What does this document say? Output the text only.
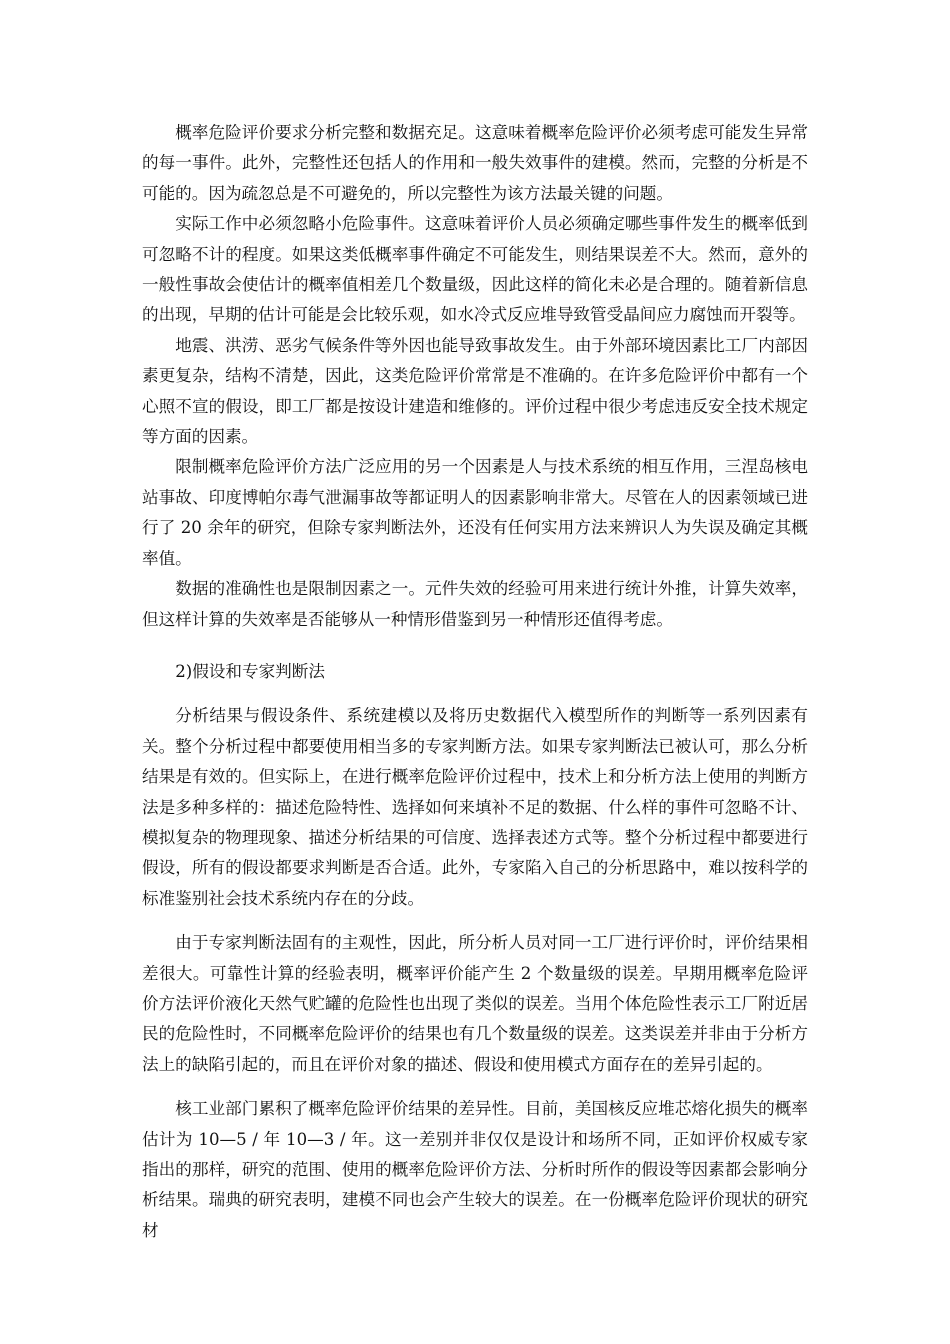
概率危险评价要求分析完整和数据充足。这意味着概率危险评价必须考虑可能发生异常的每一事件。此外，完整性还包括人的作用和一般失效事件的建模。然而，完整的分析是不可能的。因为疏忽总是不可避免的，所以完整性为该方法最关键的问题。

实际工作中必须忽略小危险事件。这意味着评价人员必须确定哪些事件发生的概率低到可忽略不计的程度。如果这类低概率事件确定不可能发生，则结果误差不大。然而，意外的一般性事故会使估计的概率值相差几个数量级，因此这样的简化未必是合理的。随着新信息的出现，早期的估计可能是会比较乐观，如水冷式反应堆导致管受晶间应力腐蚀而开裂等。

地震、洪涝、恶劣气候条件等外因也能导致事故发生。由于外部环境因素比工厂内部因素更复杂，结构不清楚，因此，这类危险评价常常是不准确的。在许多危险评价中都有一个心照不宣的假设，即工厂都是按设计建造和维修的。评价过程中很少考虑违反安全技术规定等方面的因素。

限制概率危险评价方法广泛应用的另一个因素是人与技术系统的相互作用，三涅岛核电站事故、印度博帕尔毒气泄漏事故等都证明人的因素影响非常大。尽管在人的因素领域已进行了 20 余年的研究，但除专家判断法外，还没有任何实用方法来辨识人为失误及确定其概率值。

数据的准确性也是限制因素之一。元件失效的经验可用来进行统计外推，计算失效率，但这样计算的失效率是否能够从一种情形借鉴到另一种情形还值得考虑。

2)假设和专家判断法

分析结果与假设条件、系统建模以及将历史数据代入模型所作的判断等一系列因素有关。整个分析过程中都要使用相当多的专家判断方法。如果专家判断法已被认可，那么分析结果是有效的。但实际上，在进行概率危险评价过程中，技术上和分析方法上使用的判断方法是多种多样的：描述危险特性、选择如何来填补不足的数据、什么样的事件可忽略不计、模拟复杂的物理现象、描述分析结果的可信度、选择表述方式等。整个分析过程中都要进行假设，所有的假设都要求判断是否合适。此外，专家陷入自己的分析思路中，难以按科学的标准鉴别社会技术系统内存在的分歧。

由于专家判断法固有的主观性，因此，所分析人员对同一工厂进行评价时，评价结果相差很大。可靠性计算的经验表明，概率评价能产生 2 个数量级的误差。早期用概率危险评价方法评价液化天然气贮罐的危险性也出现了类似的误差。当用个体危险性表示工厂附近居民的危险性时，不同概率危险评价的结果也有几个数量级的误差。这类误差并非由于分析方法上的缺陷引起的，而且在评价对象的描述、假设和使用模式方面存在的差异引起的。

核工业部门累积了概率危险评价结果的差异性。目前，美国核反应堆芯熔化损失的概率估计为 10—5 / 年 10—3 / 年。这一差别并非仅仅是设计和场所不同，正如评价权威专家指出的那样，研究的范围、使用的概率危险评价方法、分析时所作的假设等因素都会影响分析结果。瑞典的研究表明，建模不同也会产生较大的误差。在一份概率危险评价现状的研究材
